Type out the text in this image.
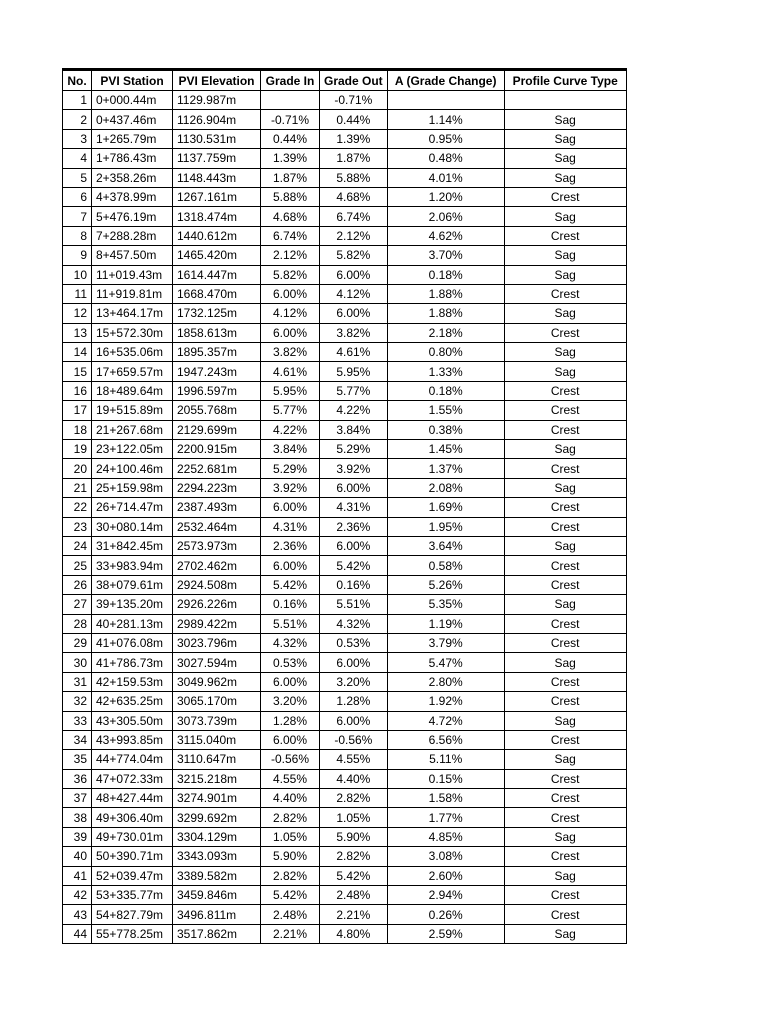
No.	PVI Station	PVI Elevation	Grade In	Grade Out	A (Grade Change)	Profile Curve Type
1	0+000.44m	1129.987m		-0.71%		
2	0+437.46m	1126.904m	-0.71%	0.44%	1.14%	Sag
3	1+265.79m	1130.531m	0.44%	1.39%	0.95%	Sag
4	1+786.43m	1137.759m	1.39%	1.87%	0.48%	Sag
5	2+358.26m	1148.443m	1.87%	5.88%	4.01%	Sag
6	4+378.99m	1267.161m	5.88%	4.68%	1.20%	Crest
7	5+476.19m	1318.474m	4.68%	6.74%	2.06%	Sag
8	7+288.28m	1440.612m	6.74%	2.12%	4.62%	Crest
9	8+457.50m	1465.420m	2.12%	5.82%	3.70%	Sag
10	11+019.43m	1614.447m	5.82%	6.00%	0.18%	Sag
11	11+919.81m	1668.470m	6.00%	4.12%	1.88%	Crest
12	13+464.17m	1732.125m	4.12%	6.00%	1.88%	Sag
13	15+572.30m	1858.613m	6.00%	3.82%	2.18%	Crest
14	16+535.06m	1895.357m	3.82%	4.61%	0.80%	Sag
15	17+659.57m	1947.243m	4.61%	5.95%	1.33%	Sag
16	18+489.64m	1996.597m	5.95%	5.77%	0.18%	Crest
17	19+515.89m	2055.768m	5.77%	4.22%	1.55%	Crest
18	21+267.68m	2129.699m	4.22%	3.84%	0.38%	Crest
19	23+122.05m	2200.915m	3.84%	5.29%	1.45%	Sag
20	24+100.46m	2252.681m	5.29%	3.92%	1.37%	Crest
21	25+159.98m	2294.223m	3.92%	6.00%	2.08%	Sag
22	26+714.47m	2387.493m	6.00%	4.31%	1.69%	Crest
23	30+080.14m	2532.464m	4.31%	2.36%	1.95%	Crest
24	31+842.45m	2573.973m	2.36%	6.00%	3.64%	Sag
25	33+983.94m	2702.462m	6.00%	5.42%	0.58%	Crest
26	38+079.61m	2924.508m	5.42%	0.16%	5.26%	Crest
27	39+135.20m	2926.226m	0.16%	5.51%	5.35%	Sag
28	40+281.13m	2989.422m	5.51%	4.32%	1.19%	Crest
29	41+076.08m	3023.796m	4.32%	0.53%	3.79%	Crest
30	41+786.73m	3027.594m	0.53%	6.00%	5.47%	Sag
31	42+159.53m	3049.962m	6.00%	3.20%	2.80%	Crest
32	42+635.25m	3065.170m	3.20%	1.28%	1.92%	Crest
33	43+305.50m	3073.739m	1.28%	6.00%	4.72%	Sag
34	43+993.85m	3115.040m	6.00%	-0.56%	6.56%	Crest
35	44+774.04m	3110.647m	-0.56%	4.55%	5.11%	Sag
36	47+072.33m	3215.218m	4.55%	4.40%	0.15%	Crest
37	48+427.44m	3274.901m	4.40%	2.82%	1.58%	Crest
38	49+306.40m	3299.692m	2.82%	1.05%	1.77%	Crest
39	49+730.01m	3304.129m	1.05%	5.90%	4.85%	Sag
40	50+390.71m	3343.093m	5.90%	2.82%	3.08%	Crest
41	52+039.47m	3389.582m	2.82%	5.42%	2.60%	Sag
42	53+335.77m	3459.846m	5.42%	2.48%	2.94%	Crest
43	54+827.79m	3496.811m	2.48%	2.21%	0.26%	Crest
44	55+778.25m	3517.862m	2.21%	4.80%	2.59%	Sag
